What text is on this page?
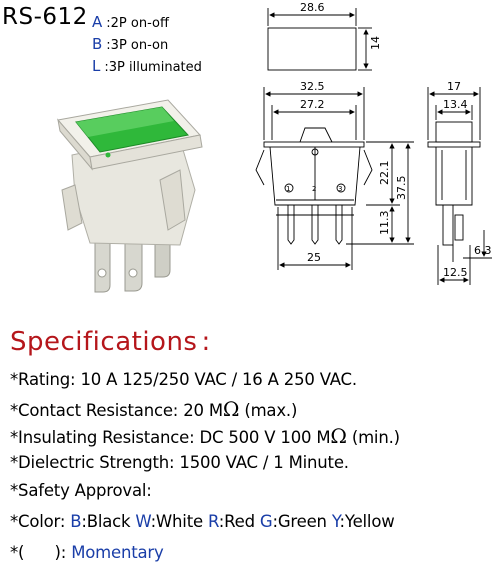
RS-612 A :2P on-off
B :3P on-on
L :3P illuminated
28.6
14
32.5
27.2
22.1
37.5
11.3
25
17
13.4
6.3
12.5
1	2	3
Specifications :
*Rating: 10 A 125/250 VAC / 16 A 250 VAC.
*Contact Resistance: 20 MΩ (max.)
*Insulating Resistance: DC 500 V 100 MΩ (min.)
*Dielectric Strength: 1500 VAC / 1 Minute.
*Safety Approval:
*Color: B:Black W:White R:Red G:Green Y:Yellow
*(      ): Momentary
